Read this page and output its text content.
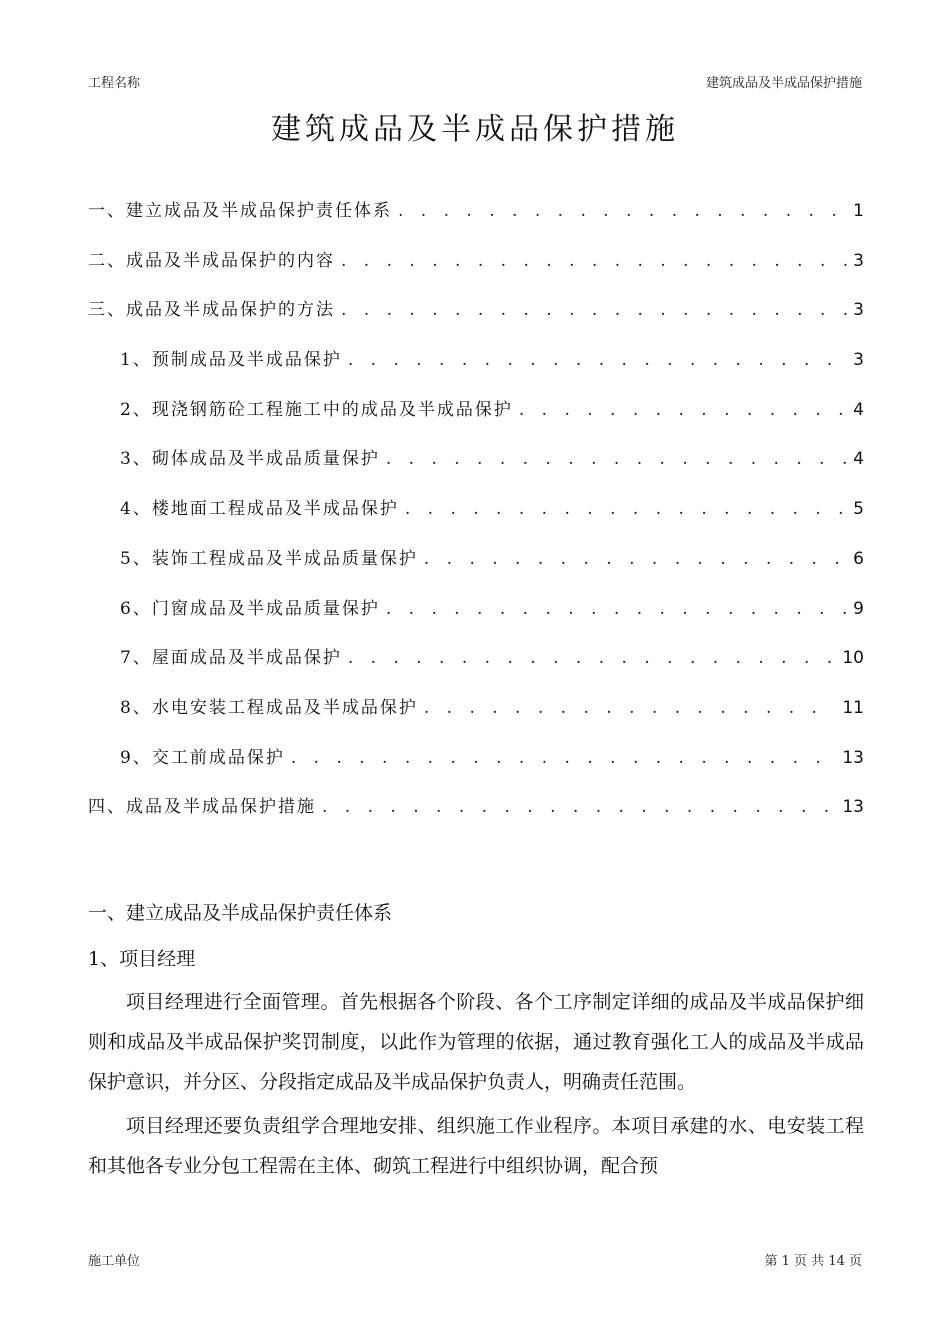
工程名称	建筑成品及半成品保护措施
建筑成品及半成品保护措施
一、建立成品及半成品保护责任体系 . . .	1
二、成品及半成品保护的内容 . . .	3
三、成品及半成品保护的方法 . . .	3
1、预制成品及半成品保护 . . .	3
2、现浇钢筋砼工程施工中的成品及半成品保护 . . .	4
3、砌体成品及半成品质量保护 . . .	4
4、楼地面工程成品及半成品保护 . . .	5
5、装饰工程成品及半成品质量保护 . . .	6
6、门窗成品及半成品质量保护 . . .	9
7、屋面成品及半成品保护 . . .	10
8、水电安装工程成品及半成品保护 . . .	11
9、交工前成品保护 . . .	13
四、成品及半成品保护措施 . . .	13
一、建立成品及半成品保护责任体系
1、项目经理

项目经理进行全面管理。首先根据各个阶段、各个工序制定详细的成品及半成品保护细则和成品及半成品保护奖罚制度，以此作为管理的依据，通过教育强化工人的成品及半成品保护意识，并分区、分段指定成品及半成品保护负责人，明确责任范围。

项目经理还要负责组学合理地安排、组织施工作业程序。本项目承建的水、电安装工程和其他各专业分包工程需在主体、砌筑工程进行中组织协调，配合预

施工单位	第 1 页 共 14 页
